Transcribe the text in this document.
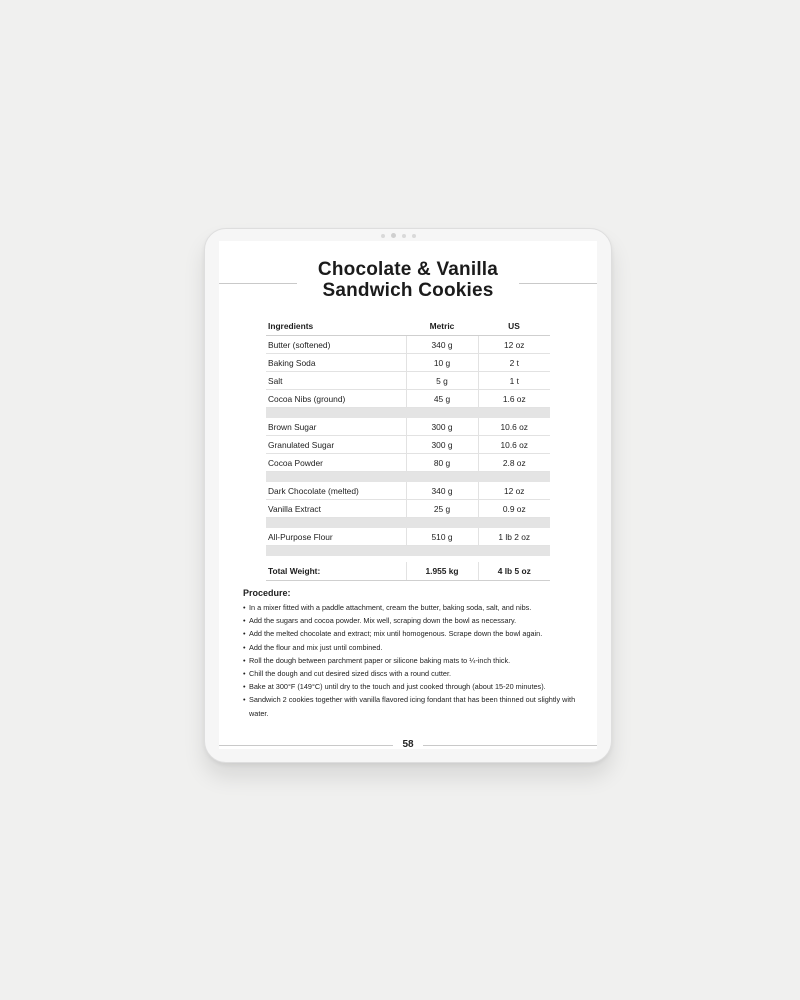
Chocolate & Vanilla
Sandwich Cookies
Ingredients	Metric	US
Butter (softened)	340 g	12 oz
Baking Soda	10 g	2 t
Salt	5 g	1 t
Cocoa Nibs (ground)	45 g	1.6 oz

Brown Sugar	300 g	10.6 oz
Granulated Sugar	300 g	10.6 oz
Cocoa Powder	80 g	2.8 oz

Dark Chocolate (melted)	340 g	12 oz
Vanilla Extract	25 g	0.9 oz

All-Purpose Flour	510 g	1 lb 2 oz

Total Weight:	1.955 kg	4 lb 5 oz
Procedure:
• In a mixer fitted with a paddle attachment, cream the butter, baking soda, salt, and nibs.
• Add the sugars and cocoa powder. Mix well, scraping down the bowl as necessary.
• Add the melted chocolate and extract; mix until homogenous. Scrape down the bowl again.
• Add the flour and mix just until combined.
• Roll the dough between parchment paper or silicone baking mats to ¼-inch thick.
• Chill the dough and cut desired sized discs with a round cutter.
• Bake at 300°F (149°C) until dry to the touch and just cooked through (about 15-20 minutes).
• Sandwich 2 cookies together with vanilla flavored icing fondant that has been thinned out slightly with water.
58
